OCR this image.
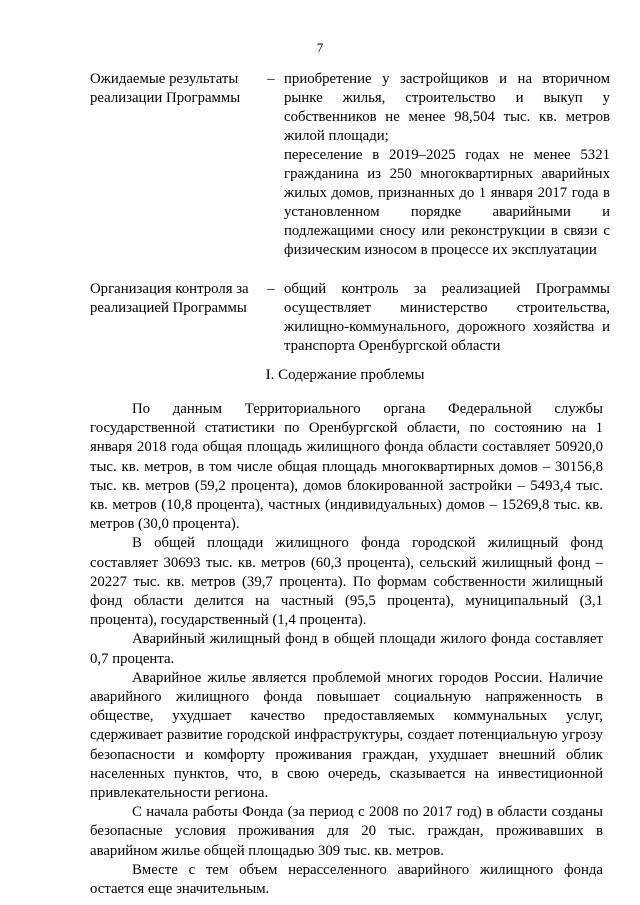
7
Ожидаемые результаты реализации Программы
– приобретение у застройщиков и на вторичном рынке жилья, строительство и выкуп у собственников не менее 98,504 тыс. кв. метров жилой площади;

переселение в 2019–2025 годах не менее 5321 гражданина из 250 многоквартирных аварийных жилых домов, признанных до 1 января 2017 года в установленном порядке аварийными и подлежащими сносу или реконструкции в связи с физическим износом в процессе их эксплуатации

Организация контроля за реализацией Программы
– общий контроль за реализацией Программы осуществляет министерство строительства, жилищно-коммунального, дорожного хозяйства и транспорта Оренбургской области

I. Содержание проблемы

По данным Территориального органа Федеральной службы государственной статистики по Оренбургской области, по состоянию на 1 января 2018 года общая площадь жилищного фонда области составляет 50920,0 тыс. кв. метров, в том числе общая площадь многоквартирных домов – 30156,8 тыс. кв. метров (59,2 процента), домов блокированной застройки – 5493,4 тыс. кв. метров (10,8 процента), частных (индивидуальных) домов – 15269,8 тыс. кв. метров (30,0 процента).

В общей площади жилищного фонда городской жилищный фонд составляет 30693 тыс. кв. метров (60,3 процента), сельский жилищный фонд – 20227 тыс. кв. метров (39,7 процента). По формам собственности жилищный фонд области делится на частный (95,5 процента), муниципальный (3,1 процента), государственный (1,4 процента).

Аварийный жилищный фонд в общей площади жилого фонда составляет 0,7 процента.

Аварийное жилье является проблемой многих городов России. Наличие аварийного жилищного фонда повышает социальную напряженность в обществе, ухудшает качество предоставляемых коммунальных услуг, сдерживает развитие городской инфраструктуры, создает потенциальную угрозу безопасности и комфорту проживания граждан, ухудшает внешний облик населенных пунктов, что, в свою очередь, сказывается на инвестиционной привлекательности региона.

С начала работы Фонда (за период с 2008 по 2017 год) в области созданы безопасные условия проживания для 20 тыс. граждан, проживавших в аварийном жилье общей площадью 309 тыс. кв. метров.

Вместе с тем объем нерасселенного аварийного жилищного фонда остается еще значительным.
